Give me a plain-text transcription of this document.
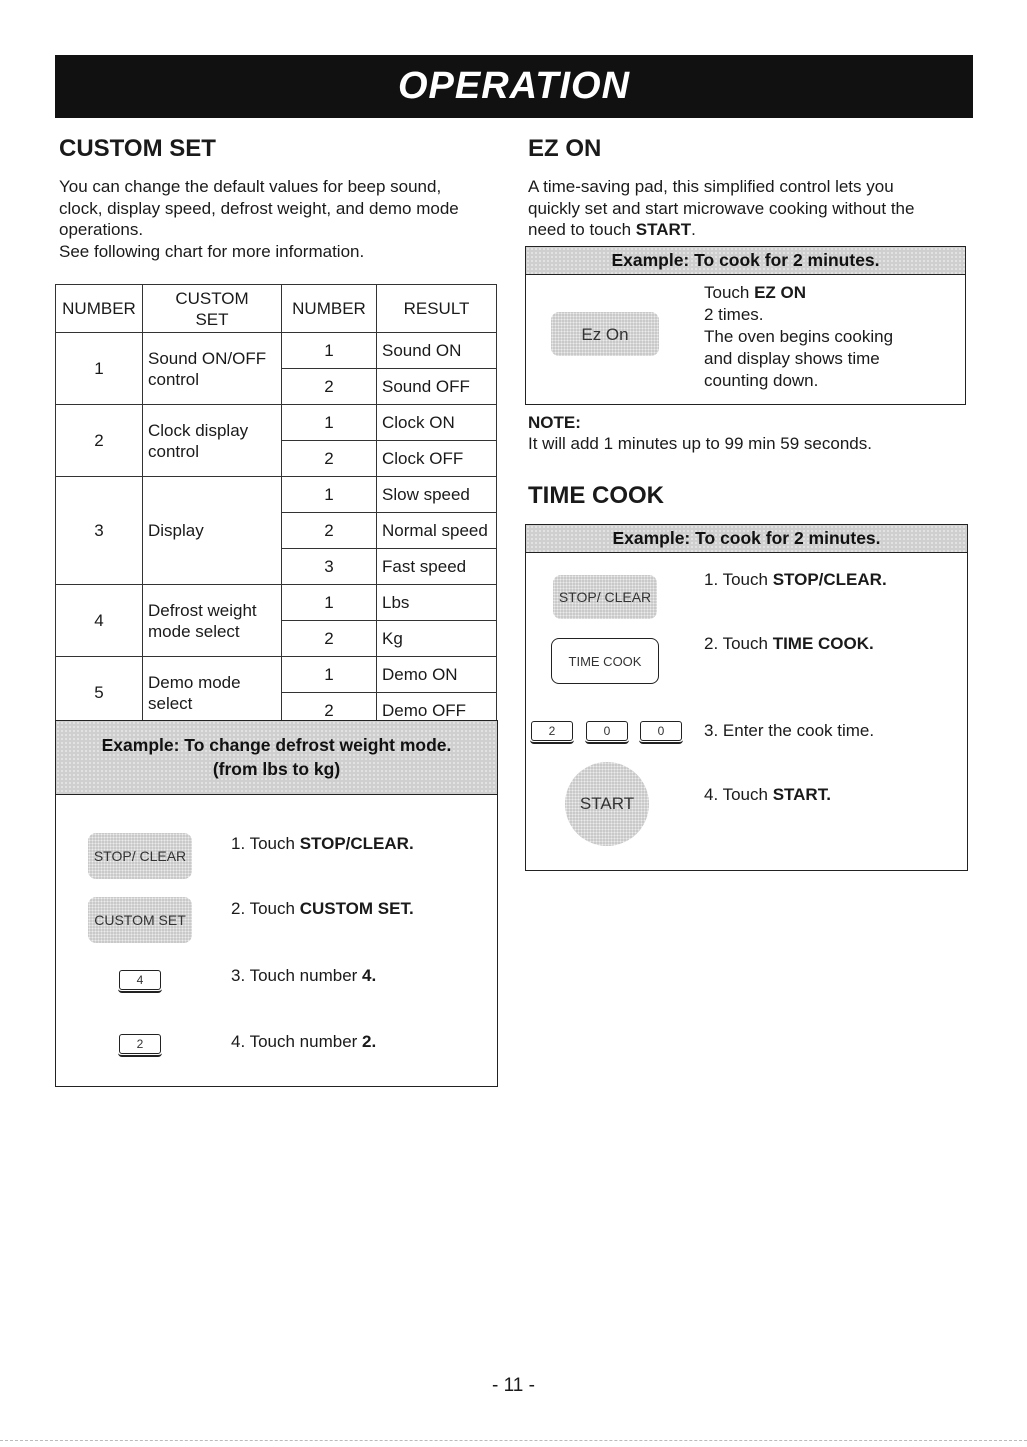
OPERATION
CUSTOM SET
You can change the default values for beep sound,
clock, display speed, defrost weight, and demo mode
operations.
See following chart for more information.
NUMBER	CUSTOM SET	NUMBER	RESULT
1	Sound ON/OFF control	1	Sound ON
		2	Sound OFF
2	Clock display control	1	Clock ON
		2	Clock OFF
3	Display	1	Slow speed
		2	Normal speed
		3	Fast speed
4	Defrost weight mode select	1	Lbs
		2	Kg
5	Demo mode select	1	Demo ON
		2	Demo OFF
Example: To change defrost weight mode.
(from lbs to kg)
STOP/ CLEAR
CUSTOM SET
4
2
1. Touch STOP/CLEAR.
2. Touch CUSTOM SET.
3. Touch number 4.
4. Touch number 2.
EZ ON
A time-saving pad, this simplified control lets you quickly set and start microwave cooking without the need to touch START.
Example: To cook for 2 minutes.
Ez On
Touch EZ ON
2 times.
The oven begins cooking
and display shows time
counting down.
NOTE:
It will add 1 minutes up to 99 min 59 seconds.
TIME COOK
Example: To cook for 2 minutes.
STOP/ CLEAR
TIME COOK
2	0	0
START
1. Touch STOP/CLEAR.
2. Touch TIME COOK.
3. Enter the cook time.
4. Touch START.
- 11 -
